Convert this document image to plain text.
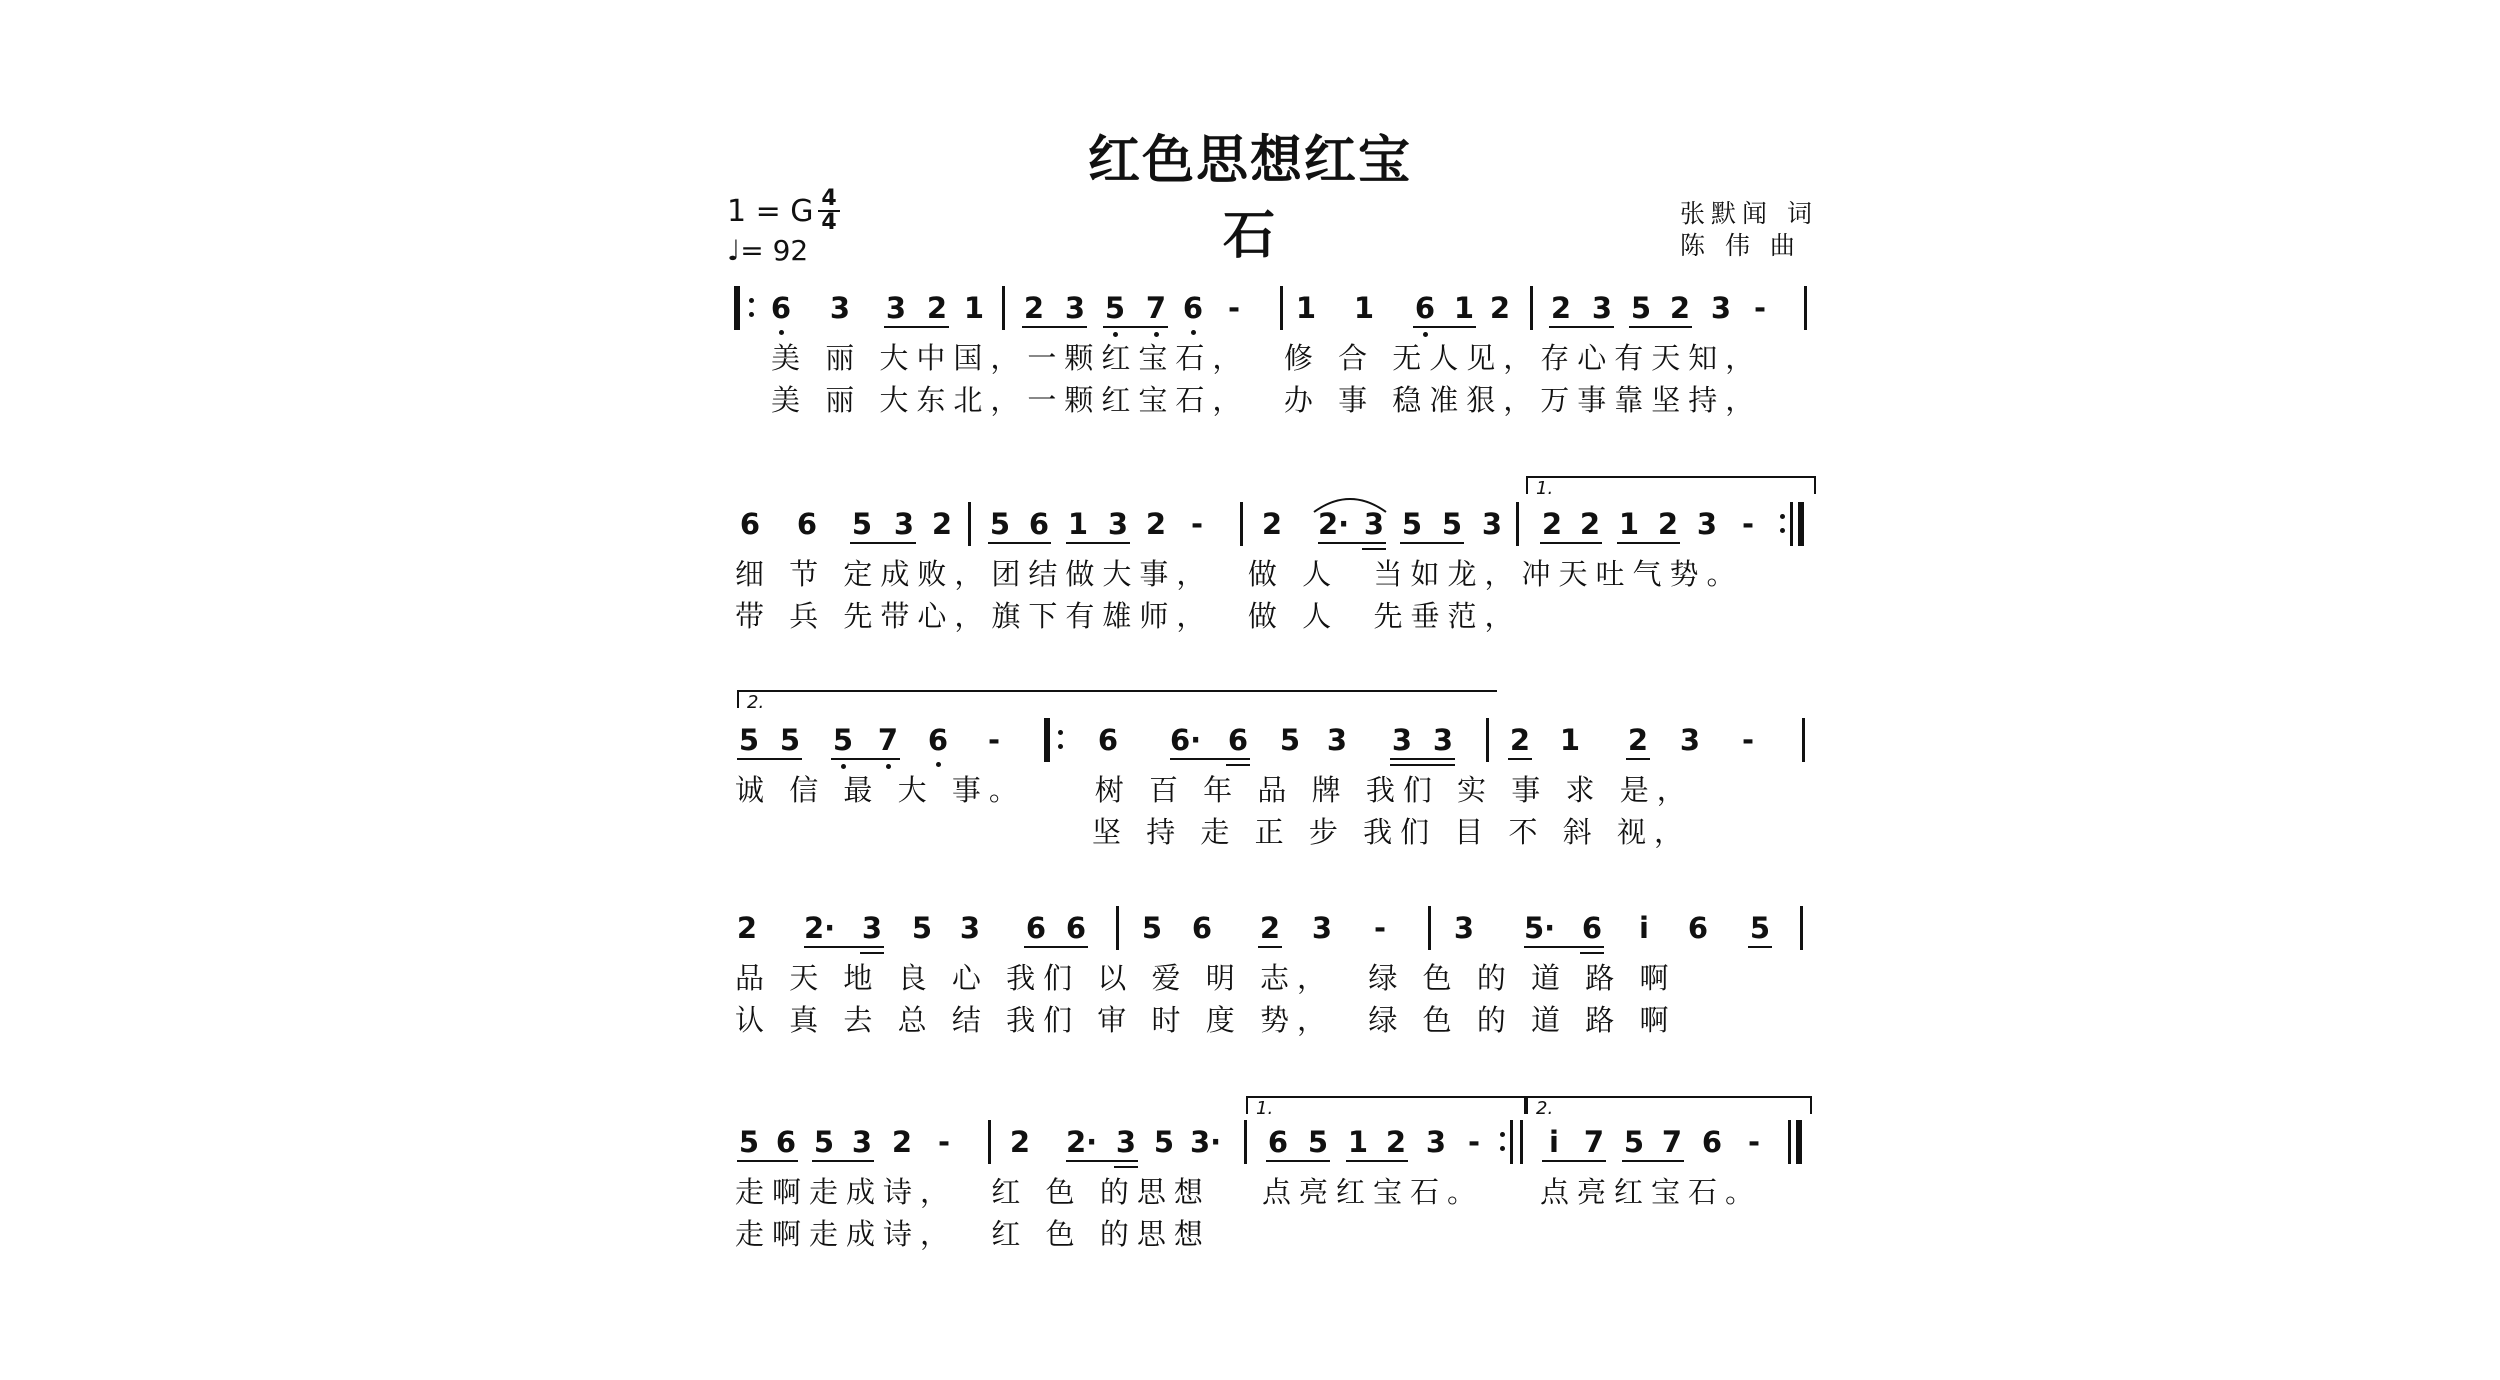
红色思想红宝石
1 = G 4
4
♩= 92
张默闻 词
陈 伟 曲
6 3 3 2 1 2 3 5 7 6 - 1 1 6 1 2 2 3 5 2 3 -
美 丽 大中国，一颗红宝石，  修 合 无人见，存心有天知，
美 丽 大东北，一颗红宝石，  办 事 稳准狠，万事靠坚持，
1.
6 6 5 3 2 5 6 1 3 2 - 2 2· 3 5 5 3 2 2 1 2 3 -
细 节 定成败，团结做大事，  做 人  当如龙，冲天吐气势。
带 兵 先带心，旗下有雄师，  做 人  先垂范，
2.
5 5 5 7 6 -	6 6· 6 5 3 3 3 2 1 2 3 -
诚 信 最 大 事。    树 百 年 品 牌 我们 实 事 求 是，
坚 持 走 正 步 我们 目 不 斜 视，
2 2· 3 5 3 6 6 5 6 2 3 - 3 5· 6 i 6 5
品 天 地 良 心 我们 以 爱 明 志，  绿 色 的 道 路 啊
认 真 去 总 结 我们 审 时 度 势，  绿 色 的 道 路 啊
1.	2.
5 6 5 3 2 - 2 2· 3 5 3· 6 5 1 2 3 - i 7 5 7 6 -
走啊走成诗，  红 色 的思想 点亮红宝石。 点亮红宝石。
走啊走成诗，  红 色 的思想
